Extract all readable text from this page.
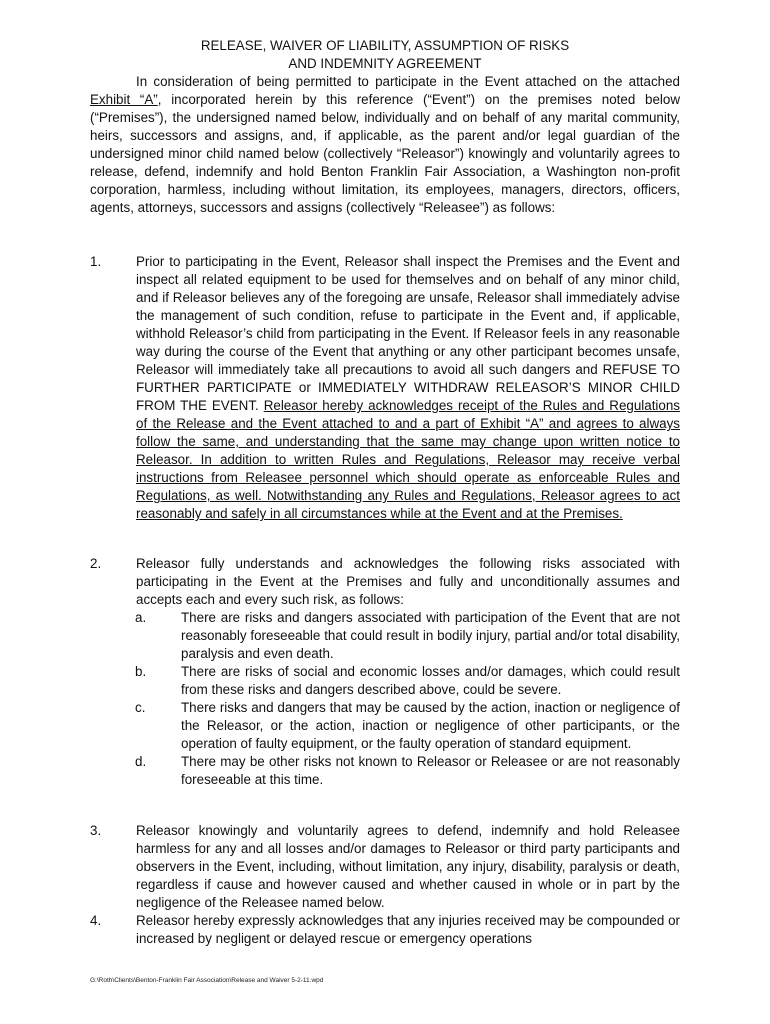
RELEASE, WAIVER OF LIABILITY, ASSUMPTION OF RISKS
AND INDEMNITY AGREEMENT

In consideration of being permitted to participate in the Event attached on the attached Exhibit “A”, incorporated herein by this reference (“Event”) on the premises noted below (“Premises”), the undersigned named below, individually and on behalf of any marital community, heirs, successors and assigns, and, if applicable, as the parent and/or legal guardian of the undersigned minor child named below (collectively “Releasor”) knowingly and voluntarily agrees to release, defend, indemnify and hold Benton Franklin Fair Association, a Washington non-profit corporation, harmless, including without limitation, its employees, managers, directors, officers, agents, attorneys, successors and assigns (collectively “Releasee”) as follows:

1.	Prior to participating in the Event, Releasor shall inspect the Premises and the Event and inspect all related equipment to be used for themselves and on behalf of any minor child, and if Releasor believes any of the foregoing are unsafe, Releasor shall immediately advise the management of such condition, refuse to participate in the Event and, if applicable, withhold Releasor’s child from participating in the Event. If Releasor feels in any reasonable way during the course of the Event that anything or any other participant becomes unsafe, Releasor will immediately take all precautions to avoid all such dangers and REFUSE TO FURTHER PARTICIPATE or IMMEDIATELY WITHDRAW RELEASOR’S MINOR CHILD FROM THE EVENT. Releasor hereby acknowledges receipt of the Rules and Regulations of the Release and the Event attached to and a part of Exhibit “A” and agrees to always follow the same, and understanding that the same may change upon written notice to Releasor. In addition to written Rules and Regulations, Releasor may receive verbal instructions from Releasee personnel which should operate as enforceable Rules and Regulations, as well. Notwithstanding any Rules and Regulations, Releasor agrees to act reasonably and safely in all circumstances while at the Event and at the Premises.

2.	Releasor fully understands and acknowledges the following risks associated with participating in the Event at the Premises and fully and unconditionally assumes and accepts each and every such risk, as follows:

a.	There are risks and dangers associated with participation of the Event that are not reasonably foreseeable that could result in bodily injury, partial and/or total disability, paralysis and even death.

b.	There are risks of social and economic losses and/or damages, which could result from these risks and dangers described above, could be severe.

c.	There risks and dangers that may be caused by the action, inaction or negligence of the Releasor, or the action, inaction or negligence of other participants, or the operation of faulty equipment, or the faulty operation of standard equipment.

d.	There may be other risks not known to Releasor or Releasee or are not reasonably foreseeable at this time.

3.	Releasor knowingly and voluntarily agrees to defend, indemnify and hold Releasee harmless for any and all losses and/or damages to Releasor or third party participants and observers in the Event, including, without limitation, any injury, disability, paralysis or death, regardless if cause and however caused and whether caused in whole or in part by the negligence of the Releasee named below.

4.	Releasor hereby expressly acknowledges that any injuries received may be compounded or increased by negligent or delayed rescue or emergency operations

G:\Roth\Clients\Benton-Franklin Fair Association\Release and Waiver 5-2-11.wpd
